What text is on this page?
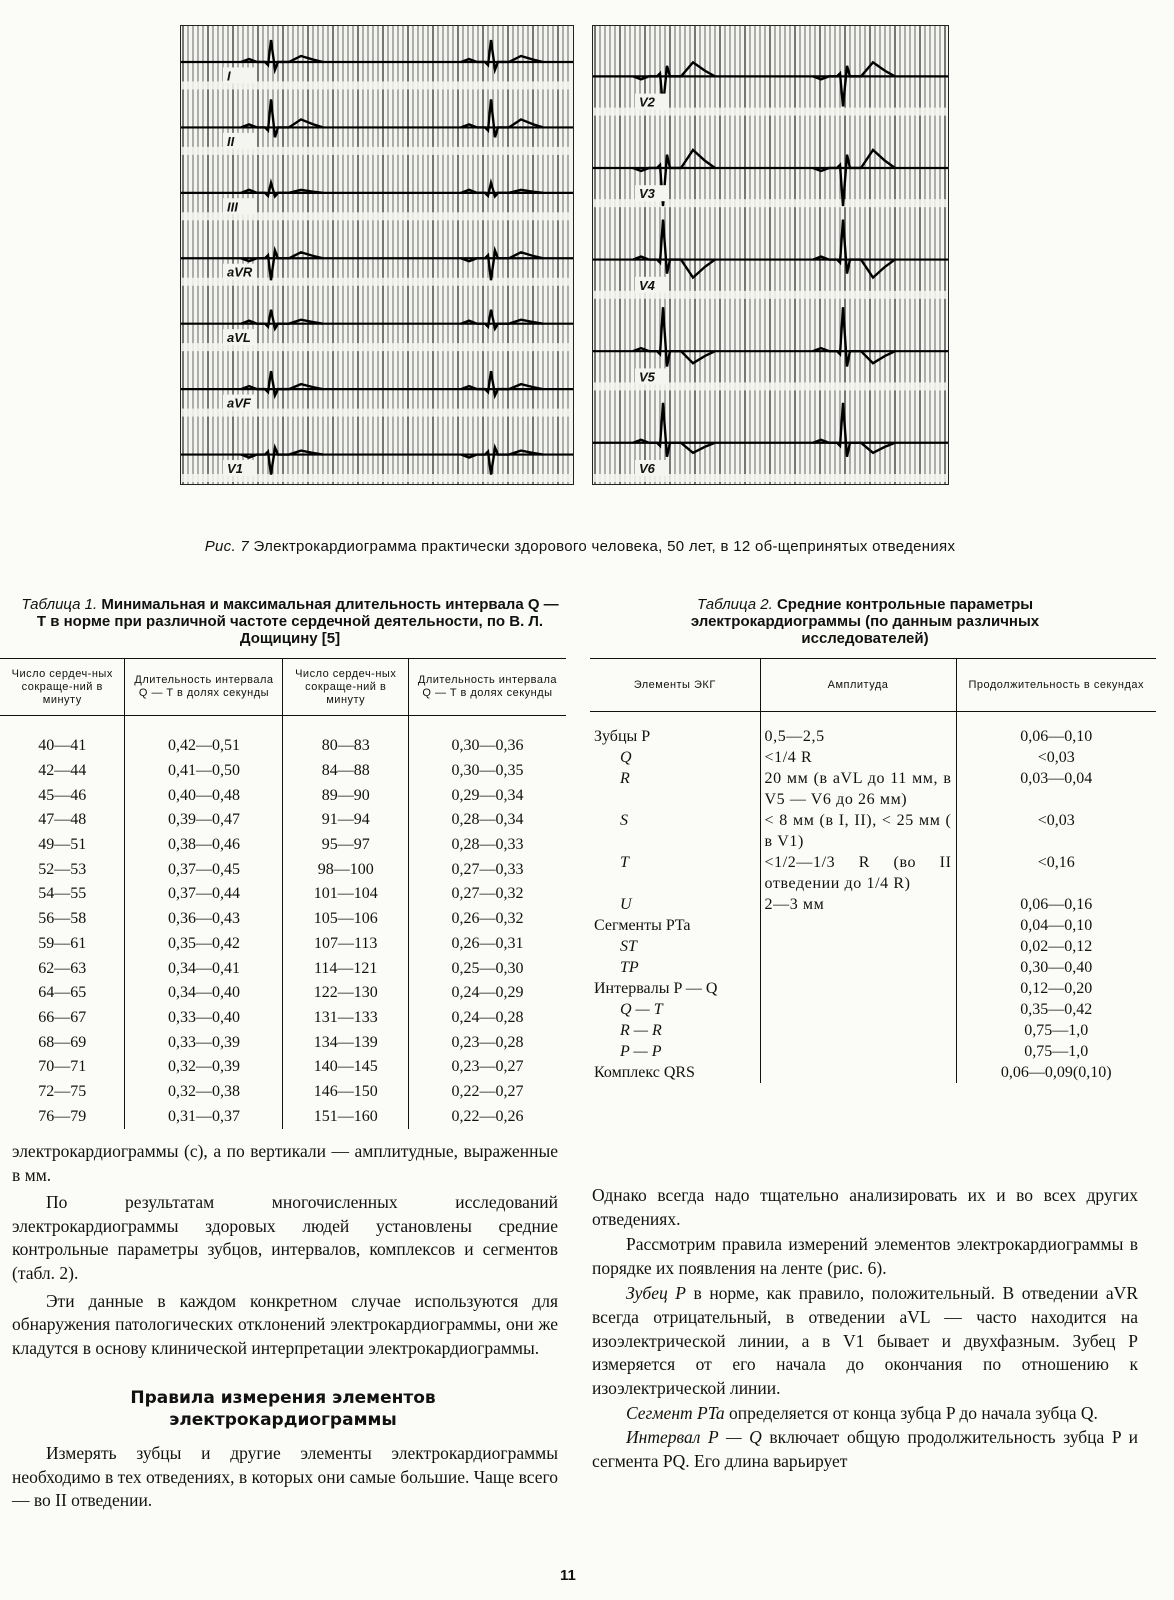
I
II
III
aVR
aVL
aVF
V1
V2
V3
V4
V5
V6
Рис. 7 Электрокардиограмма практически здорового человека, 50 лет, в 12 об-щепринятых отведениях
Таблица 1. Минимальная и максимальная длительность интервала Q — T в норме при различной частоте сердечной деятельности, по В. Л. Дощицину [5]
Число сердеч-ных сокраще-ний в минуту	Длительность интервала Q — T в долях секунды	Число сердеч-ных сокраще-ний в минуту	Длительность интервала Q — T в долях секунды

40—41	0,42—0,51	80—83	0,30—0,36
42—44	0,41—0,50	84—88	0,30—0,35
45—46	0,40—0,48	89—90	0,29—0,34
47—48	0,39—0,47	91—94	0,28—0,34
49—51	0,38—0,46	95—97	0,28—0,33
52—53	0,37—0,45	98—100	0,27—0,33
54—55	0,37—0,44	101—104	0,27—0,32
56—58	0,36—0,43	105—106	0,26—0,32
59—61	0,35—0,42	107—113	0,26—0,31
62—63	0,34—0,41	114—121	0,25—0,30
64—65	0,34—0,40	122—130	0,24—0,29
66—67	0,33—0,40	131—133	0,24—0,28
68—69	0,33—0,39	134—139	0,23—0,28
70—71	0,32—0,39	140—145	0,23—0,27
72—75	0,32—0,38	146—150	0,22—0,27
76—79	0,31—0,37	151—160	0,22—0,26
Таблица 2. Средние контрольные параметры электрокардиограммы (по данным различных исследователей)
Элементы ЭКГ	Амплитуда	Продолжительность в секундах

Зубцы P	0,5—2,5	0,06—0,10
Q	<1/4 R	<0,03
R	20 мм (в aVL до 11 мм, в V5 — V6 до 26 мм)	0,03—0,04
S	< 8 мм (в I, II), < 25 мм ( в V1)	<0,03
T	<1/2—1/3 R (во II отведении до 1/4 R)	<0,16
U	2—3 мм	0,06—0,16
Сегменты PTa		0,04—0,10
ST		0,02—0,12
TP		0,30—0,40
Интервалы P — Q		0,12—0,20
Q — T		0,35—0,42
R — R		0,75—1,0
P — P		0,75—1,0
Комплекс QRS		0,06—0,09(0,10)

электрокардиограммы (с), а по вертикали — амплитудные, выраженные в мм.

По результатам многочисленных исследований электрокардиограммы здоровых людей установлены средние контрольные параметры зубцов, интервалов, комплексов и сегментов (табл. 2).

Эти данные в каждом конкретном случае используются для обнаружения патологических отклонений электрокардиограммы, они же кладутся в основу клинической интерпретации электрокардиограммы.

Правила измерения элементов электрокардиограммы

Измерять зубцы и другие элементы электрокардиограммы необходимо в тех отведениях, в которых они самые большие. Чаще всего — во II отведении.

Однако всегда надо тщательно анализировать их и во всех других отведениях.

Рассмотрим правила измерений элементов электрокардиограммы в порядке их появления на ленте (рис. 6).

Зубец P в норме, как правило, положительный. В отведении aVR всегда отрицательный, в отведении aVL — часто находится на изоэлектрической линии, а в V1 бывает и двухфазным. Зубец P измеряется от его начала до окончания по отношению к изоэлектрической линии.

Сегмент PTa определяется от конца зубца P до начала зубца Q.

Интервал P — Q включает общую продолжительность зубца P и сегмента PQ. Его длина варьирует

11
